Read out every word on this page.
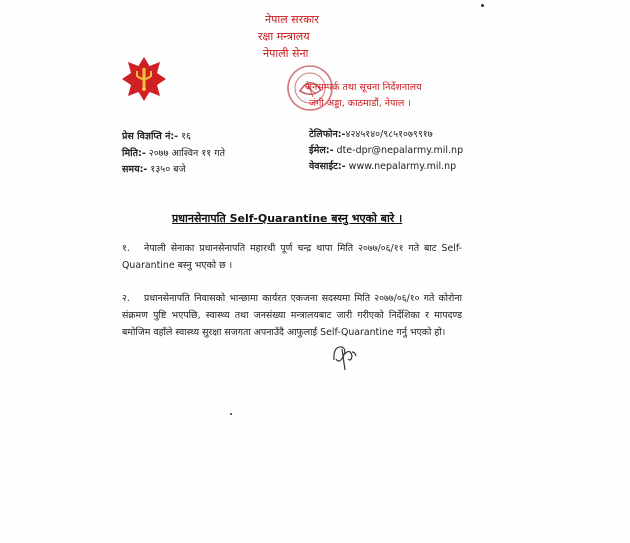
नेपाल सरकार
रक्षा मन्त्रालय
नेपाली सेना
जनसम्पर्क तथा सूचना निर्देशनालय
जंगी अड्डा, काठमाडौं, नेपाल ।
प्रेस विज्ञप्ति नं:- १६
मिति:- २०७७ आश्विन ११ गते
समय:- १३५० बजे
टेलिफोन:-४२४५१४०/९८५१०७९९१७
ईमेल:- dte-dpr@nepalarmy.mil.np
वेवसाईट:- www.nepalarmy.mil.np
प्रधानसेनापति Self-Quarantine बस्नु भएको बारे ।
१. नेपाली सेनाका प्रधानसेनापति महारथी पूर्ण चन्द्र थापा मिति २०७७/०६/११ गते बाट Self-Quarantine बस्नु भएको छ ।
२. प्रधानसेनापति निवासको भान्छामा कार्यरत एकजना सदस्यमा मिति २०७७/०६/१० गते कोरोना संक्रमण पुष्टि भएपछि, स्वास्थ्य तथा जनसंख्या मन्त्रालयबाट जारी गरीएको निर्देशिका र मापदण्ड बमोजिम वहाँले स्वास्थ्य सुरक्षा सजगता अपनाउँदै आफुलाई Self-Quarantine गर्नु भएको हो।
